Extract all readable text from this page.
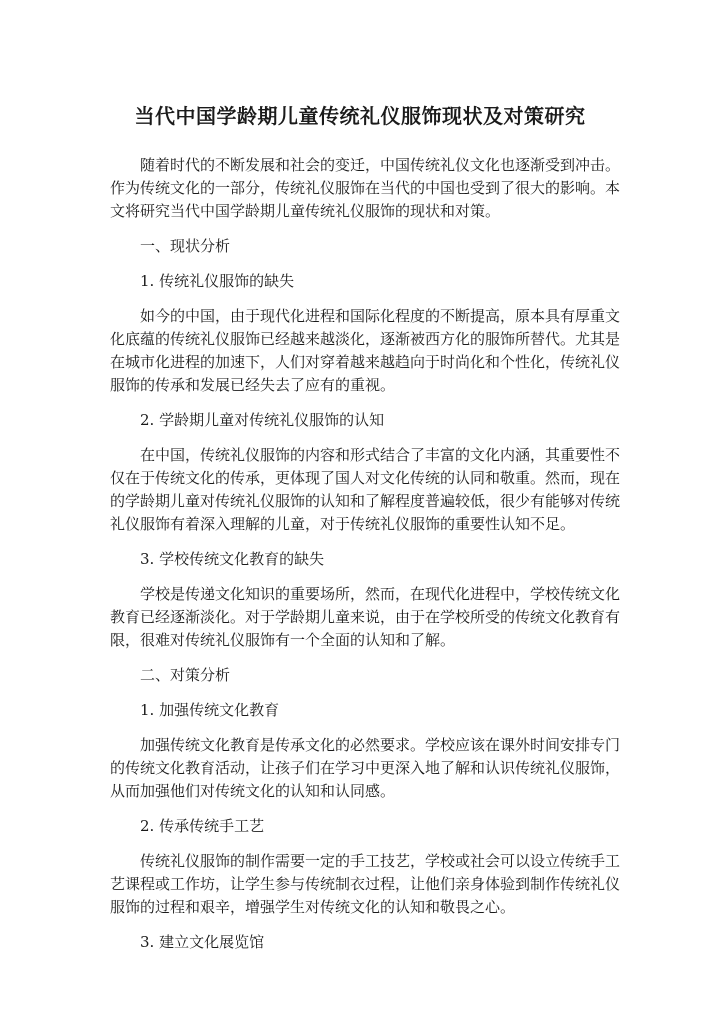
当代中国学龄期儿童传统礼仪服饰现状及对策研究

随着时代的不断发展和社会的变迁，中国传统礼仪文化也逐渐受到冲击。作为传统文化的一部分，传统礼仪服饰在当代的中国也受到了很大的影响。本文将研究当代中国学龄期儿童传统礼仪服饰的现状和对策。

一、现状分析

1. 传统礼仪服饰的缺失

如今的中国，由于现代化进程和国际化程度的不断提高，原本具有厚重文化底蕴的传统礼仪服饰已经越来越淡化，逐渐被西方化的服饰所替代。尤其是在城市化进程的加速下，人们对穿着越来越趋向于时尚化和个性化，传统礼仪服饰的传承和发展已经失去了应有的重视。

2. 学龄期儿童对传统礼仪服饰的认知

在中国，传统礼仪服饰的内容和形式结合了丰富的文化内涵，其重要性不仅在于传统文化的传承，更体现了国人对文化传统的认同和敬重。然而，现在的学龄期儿童对传统礼仪服饰的认知和了解程度普遍较低，很少有能够对传统礼仪服饰有着深入理解的儿童，对于传统礼仪服饰的重要性认知不足。

3. 学校传统文化教育的缺失

学校是传递文化知识的重要场所，然而，在现代化进程中，学校传统文化教育已经逐渐淡化。对于学龄期儿童来说，由于在学校所受的传统文化教育有限，很难对传统礼仪服饰有一个全面的认知和了解。

二、对策分析

1. 加强传统文化教育

加强传统文化教育是传承文化的必然要求。学校应该在课外时间安排专门的传统文化教育活动，让孩子们在学习中更深入地了解和认识传统礼仪服饰，从而加强他们对传统文化的认知和认同感。

2. 传承传统手工艺

传统礼仪服饰的制作需要一定的手工技艺，学校或社会可以设立传统手工艺课程或工作坊，让学生参与传统制衣过程，让他们亲身体验到制作传统礼仪服饰的过程和艰辛，增强学生对传统文化的认知和敬畏之心。

3. 建立文化展览馆
